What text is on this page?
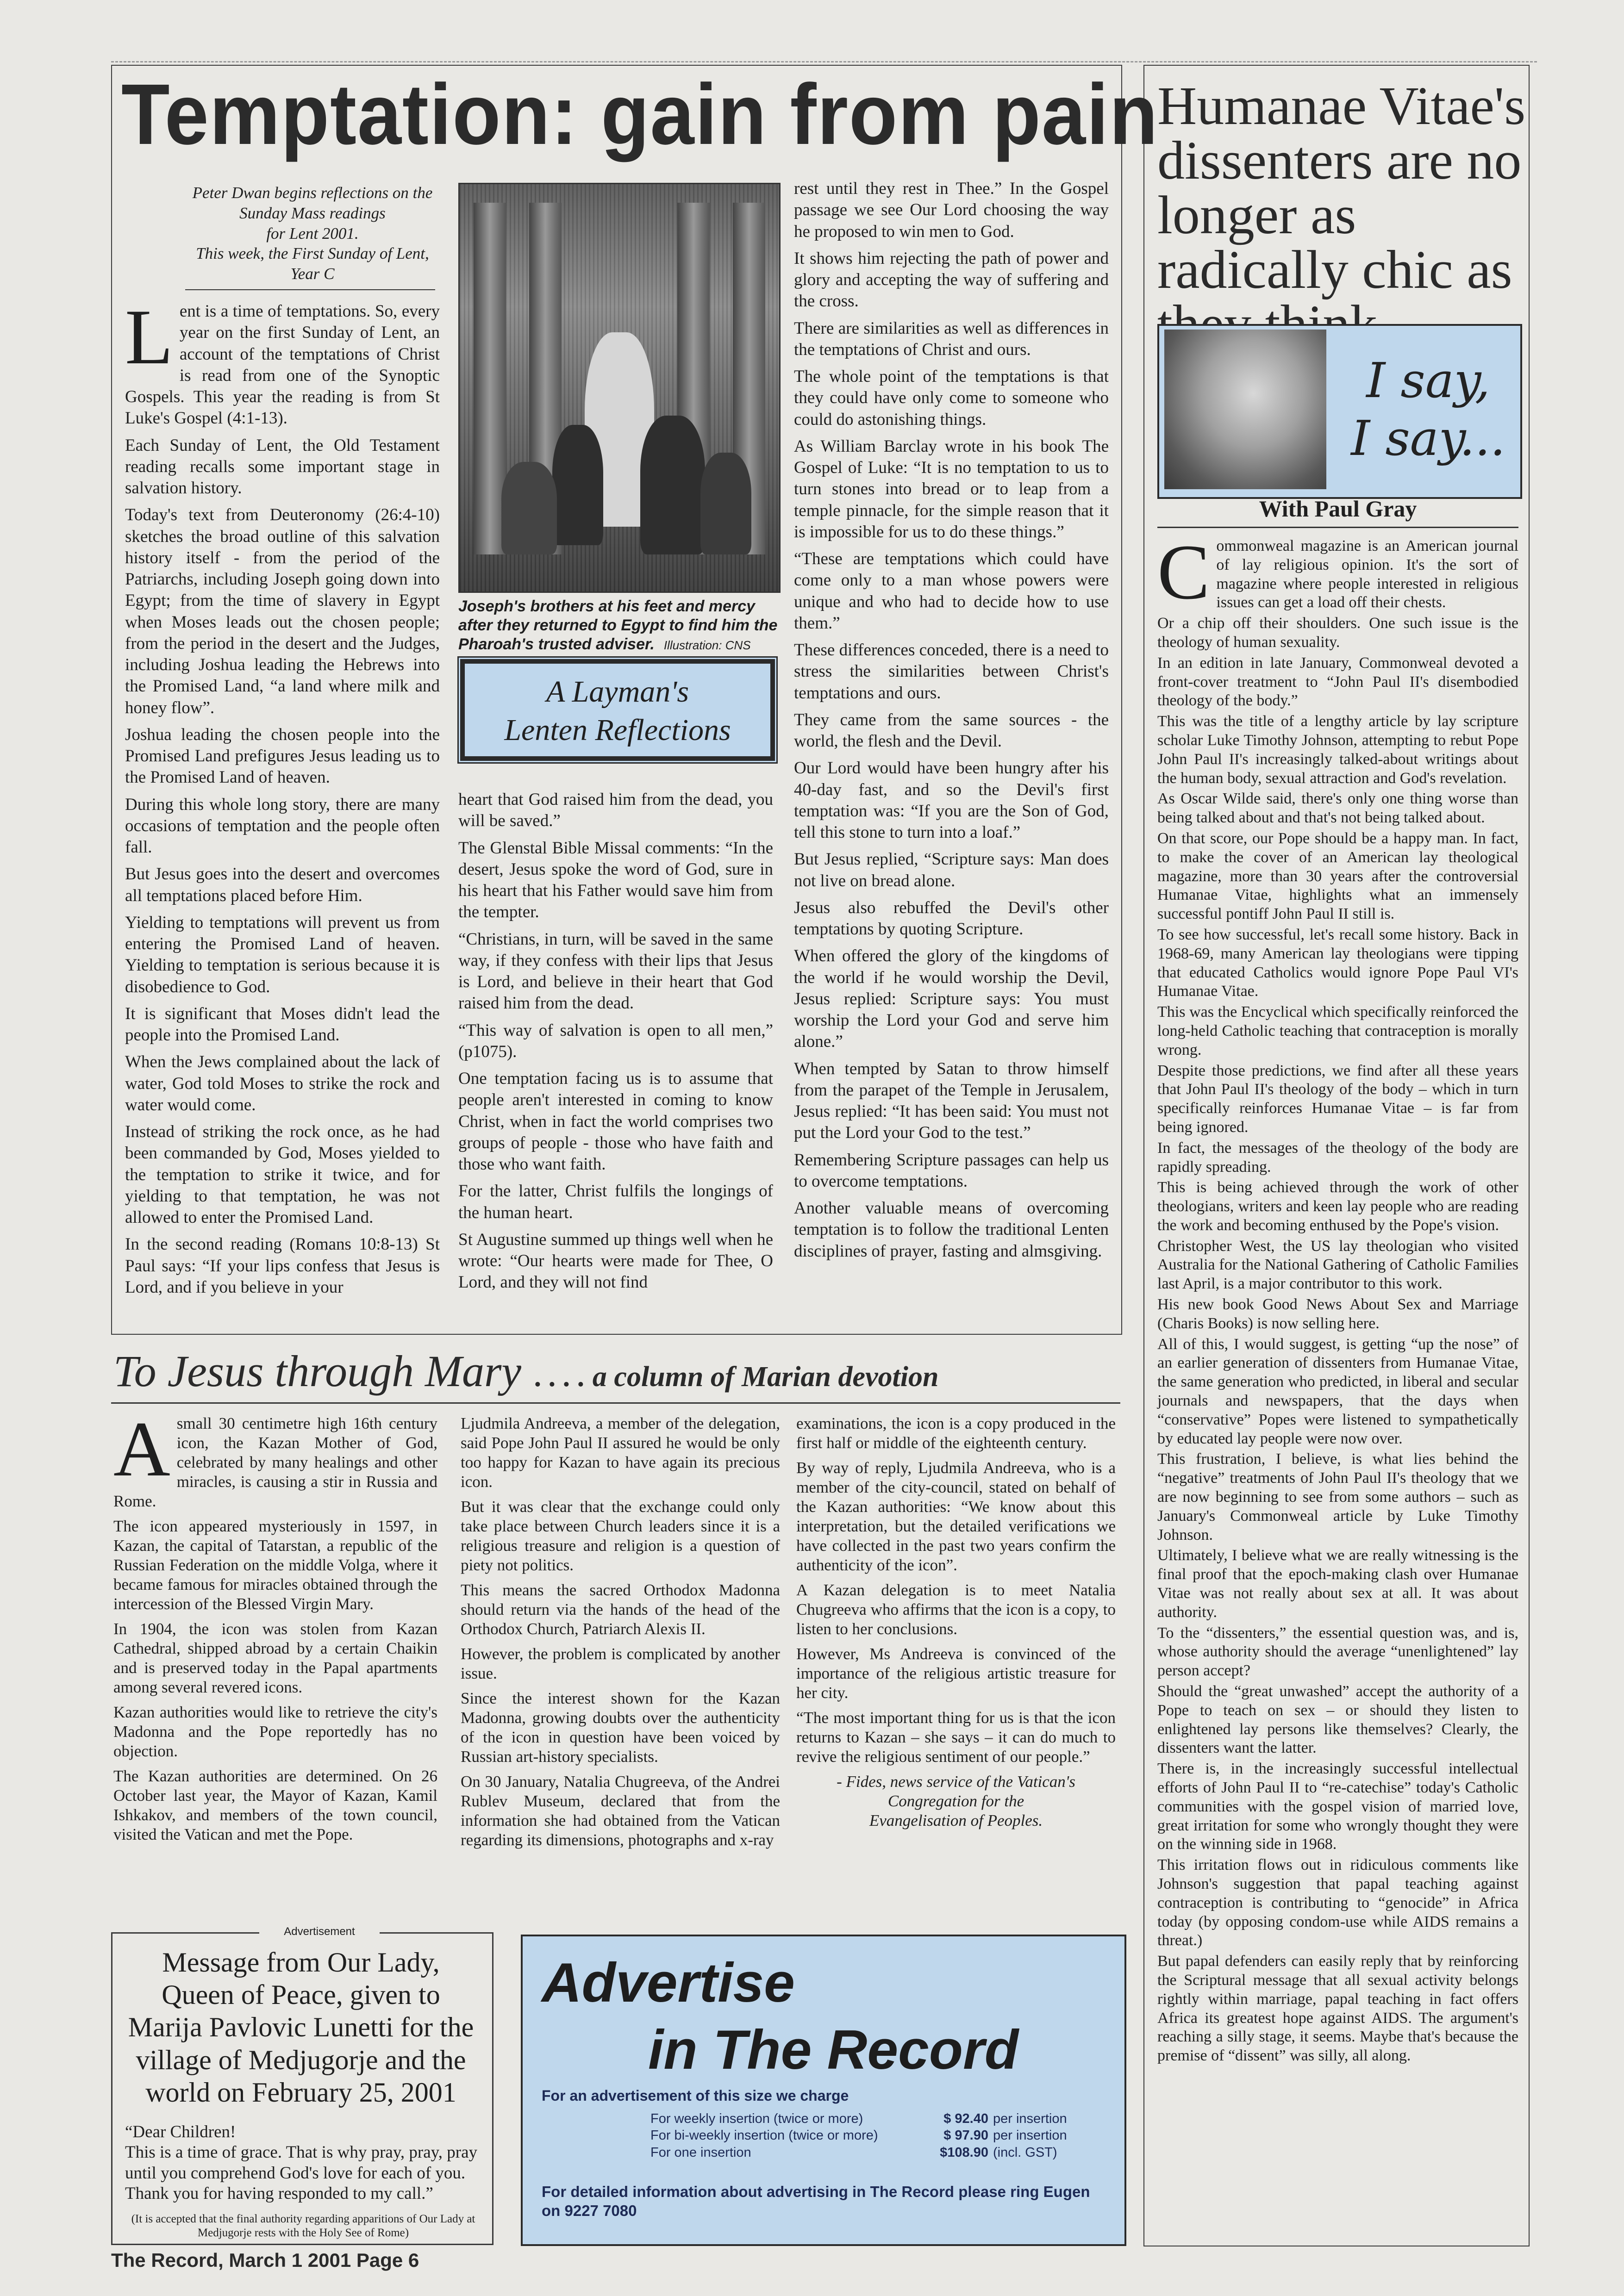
Temptation: gain from pain
Peter Dwan begins reflections on the
Sunday Mass readings
for Lent 2001.
This week, the First Sunday of Lent,
Year C

Lent is a time of temptations. So, every year on the first Sunday of Lent, an account of the temptations of Christ is read from one of the Synoptic Gospels. This year the reading is from St Luke's Gospel (4:1-13).

Each Sunday of Lent, the Old Testament reading recalls some important stage in salvation history.

Today's text from Deuteronomy (26:4-10) sketches the broad outline of this salvation history itself - from the period of the Patriarchs, including Joseph going down into Egypt; from the time of slavery in Egypt when Moses leads out the chosen people; from the period in the desert and the Judges, including Joshua leading the Hebrews into the Promised Land, “a land where milk and honey flow”.

Joshua leading the chosen people into the Promised Land prefigures Jesus leading us to the Promised Land of heaven.

During this whole long story, there are many occasions of temptation and the people often fall.

But Jesus goes into the desert and overcomes all temptations placed before Him.

Yielding to temptations will prevent us from entering the Promised Land of heaven. Yielding to temptation is serious because it is disobedience to God.

It is significant that Moses didn't lead the people into the Promised Land.

When the Jews complained about the lack of water, God told Moses to strike the rock and water would come.

Instead of striking the rock once, as he had been commanded by God, Moses yielded to the temptation to strike it twice, and for yielding to that temptation, he was not allowed to enter the Promised Land.

In the second reading (Romans 10:8-13) St Paul says: “If your lips confess that Jesus is Lord, and if you believe in your

Joseph's brothers at his feet and mercy after they returned to Egypt to find him the Pharoah's trusted adviser. Illustration: CNS
A Layman's
Lenten Reflections

heart that God raised him from the dead, you will be saved.”

The Glenstal Bible Missal comments: “In the desert, Jesus spoke the word of God, sure in his heart that his Father would save him from the tempter.

“Christians, in turn, will be saved in the same way, if they confess with their lips that Jesus is Lord, and believe in their heart that God raised him from the dead.

“This way of salvation is open to all men,” (p1075).

One temptation facing us is to assume that people aren't interested in coming to know Christ, when in fact the world comprises two groups of people - those who have faith and those who want faith.

For the latter, Christ fulfils the longings of the human heart.

St Augustine summed up things well when he wrote: “Our hearts were made for Thee, O Lord, and they will not find

rest until they rest in Thee.” In the Gospel passage we see Our Lord choosing the way he proposed to win men to God.

It shows him rejecting the path of power and glory and accepting the way of suffering and the cross.

There are similarities as well as differences in the temptations of Christ and ours.

The whole point of the temptations is that they could have only come to someone who could do astonishing things.

As William Barclay wrote in his book The Gospel of Luke: “It is no temptation to us to turn stones into bread or to leap from a temple pinnacle, for the simple reason that it is impossible for us to do these things.”

“These are temptations which could have come only to a man whose powers were unique and who had to decide how to use them.”

These differences conceded, there is a need to stress the similarities between Christ's temptations and ours.

They came from the same sources - the world, the flesh and the Devil.

Our Lord would have been hungry after his 40-day fast, and so the Devil's first temptation was: “If you are the Son of God, tell this stone to turn into a loaf.”

But Jesus replied, “Scripture says: Man does not live on bread alone.

Jesus also rebuffed the Devil's other temptations by quoting Scripture.

When offered the glory of the kingdoms of the world if he would worship the Devil, Jesus replied: Scripture says: You must worship the Lord your God and serve him alone.”

When tempted by Satan to throw himself from the parapet of the Temple in Jerusalem, Jesus replied: “It has been said: You must not put the Lord your God to the test.”

Remembering Scripture passages can help us to overcome temptations.

Another valuable means of overcoming temptation is to follow the traditional Lenten disciplines of prayer, fasting and almsgiving.

Humanae Vitae's dissenters are no longer as radically chic as
I say,
I say...
With Paul Gray

Commonweal magazine is an American journal of lay religious opinion. It's the sort of magazine where people interested in religious issues can get a load off their chests.

Or a chip off their shoulders. One such issue is the theology of human sexuality.

In an edition in late January, Commonweal devoted a front-cover treatment to “John Paul II's disembodied theology of the body.”

This was the title of a lengthy article by lay scripture scholar Luke Timothy Johnson, attempting to rebut Pope John Paul II's increasingly talked-about writings about the human body, sexual attraction and God's revelation.

As Oscar Wilde said, there's only one thing worse than being talked about and that's not being talked about.

On that score, our Pope should be a happy man. In fact, to make the cover of an American lay theological magazine, more than 30 years after the controversial Humanae Vitae, highlights what an immensely successful pontiff John Paul II still is.

To see how successful, let's recall some history. Back in 1968-69, many American lay theologians were tipping that educated Catholics would ignore Pope Paul VI's Humanae Vitae.

This was the Encyclical which specifically reinforced the long-held Catholic teaching that contraception is morally wrong.

Despite those predictions, we find after all these years that John Paul II's theology of the body – which in turn specifically reinforces Humanae Vitae – is far from being ignored.

In fact, the messages of the theology of the body are rapidly spreading.

This is being achieved through the work of other theologians, writers and keen lay people who are reading the work and becoming enthused by the Pope's vision.

Christopher West, the US lay theologian who visited Australia for the National Gathering of Catholic Families last April, is a major contributor to this work.

His new book Good News About Sex and Marriage (Charis Books) is now selling here.

All of this, I would suggest, is getting “up the nose” of an earlier generation of dissenters from Humanae Vitae, the same generation who predicted, in liberal and secular journals and newspapers, that the days when “conservative” Popes were listened to sympathetically by educated lay people were now over.

This frustration, I believe, is what lies behind the “negative” treatments of John Paul II's theology that we are now beginning to see from some authors – such as January's Commonweal article by Luke Timothy Johnson.

Ultimately, I believe what we are really witnessing is the final proof that the epoch-making clash over Humanae Vitae was not really about sex at all. It was about authority.

To the “dissenters,” the essential question was, and is, whose authority should the average “unenlightened” lay person accept?

Should the “great unwashed” accept the authority of a Pope to teach on sex – or should they listen to enlightened lay persons like themselves? Clearly, the dissenters want the latter.

There is, in the increasingly successful intellectual efforts of John Paul II to “re-catechise” today's Catholic communities with the gospel vision of married love, great irritation for some who wrongly thought they were on the winning side in 1968.

This irritation flows out in ridiculous comments like Johnson's suggestion that papal teaching against contraception is contributing to “genocide” in Africa today (by opposing condom-use while AIDS remains a threat.)

But papal defenders can easily reply that by reinforcing the Scriptural message that all sexual activity belongs rightly within marriage, papal teaching in fact offers Africa its greatest hope against AIDS. The argument's reaching a silly stage, it seems. Maybe that's because the premise of “dissent” was silly, all along.

To Jesus through Mary . . . . a column of Marian devotion

Asmall 30 centimetre high 16th century icon, the Kazan Mother of God, celebrated by many healings and other miracles, is causing a stir in Russia and Rome.

The icon appeared mysteriously in 1597, in Kazan, the capital of Tatarstan, a republic of the Russian Federation on the middle Volga, where it became famous for miracles obtained through the intercession of the Blessed Virgin Mary.

In 1904, the icon was stolen from Kazan Cathedral, shipped abroad by a certain Chaikin and is preserved today in the Papal apartments among several revered icons.

Kazan authorities would like to retrieve the city's Madonna and the Pope reportedly has no objection.

The Kazan authorities are determined. On 26 October last year, the Mayor of Kazan, Kamil Ishkakov, and members of the town council, visited the Vatican and met the Pope.

Ljudmila Andreeva, a member of the delegation, said Pope John Paul II assured he would be only too happy for Kazan to have again its precious icon.

But it was clear that the exchange could only take place between Church leaders since it is a religious treasure and religion is a question of piety not politics.

This means the sacred Orthodox Madonna should return via the hands of the head of the Orthodox Church, Patriarch Alexis II.

However, the problem is complicated by another issue.

Since the interest shown for the Kazan Madonna, growing doubts over the authenticity of the icon in question have been voiced by Russian art-history specialists.

On 30 January, Natalia Chugreeva, of the Andrei Rublev Museum, declared that from the information she had obtained from the Vatican regarding its dimensions, photographs and x-ray

examinations, the icon is a copy produced in the first half or middle of the eighteenth century.

By way of reply, Ljudmila Andreeva, who is a member of the city-council, stated on behalf of the Kazan authorities: “We know about this interpretation, but the detailed verifications we have collected in the past two years confirm the authenticity of the icon”.

A Kazan delegation is to meet Natalia Chugreeva who affirms that the icon is a copy, to listen to her conclusions.

However, Ms Andreeva is convinced of the importance of the religious artistic treasure for her city.

“The most important thing for us is that the icon returns to Kazan – she says – it can do much to revive the religious sentiment of our people.”

- Fides, news service of the Vatican's
Congregation for the
Evangelisation of Peoples.
Advertisement
Message from Our Lady, Queen of Peace, given to Marija Pavlovic Lunetti for the village of Medjugorje and the world on February 25, 2001
“Dear Children!
This is a time of grace. That is why pray, pray, pray until you comprehend God's love for each of you.
Thank you for having responded to my call.”
(It is accepted that the final authority regarding apparitions of Our Lady at Medjugorje rests with the Holy See of Rome)
Advertise
in The Record
For an advertisement of this size we charge
For weekly insertion (twice or more)	$ 92.40 per insertion
For bi-weekly insertion (twice or more)	$ 97.90 per insertion
For one insertion	$108.90 (incl. GST)
For detailed information about advertising in The Record please ring Eugen on 9227 7080
The Record, March 1 2001 Page 6
